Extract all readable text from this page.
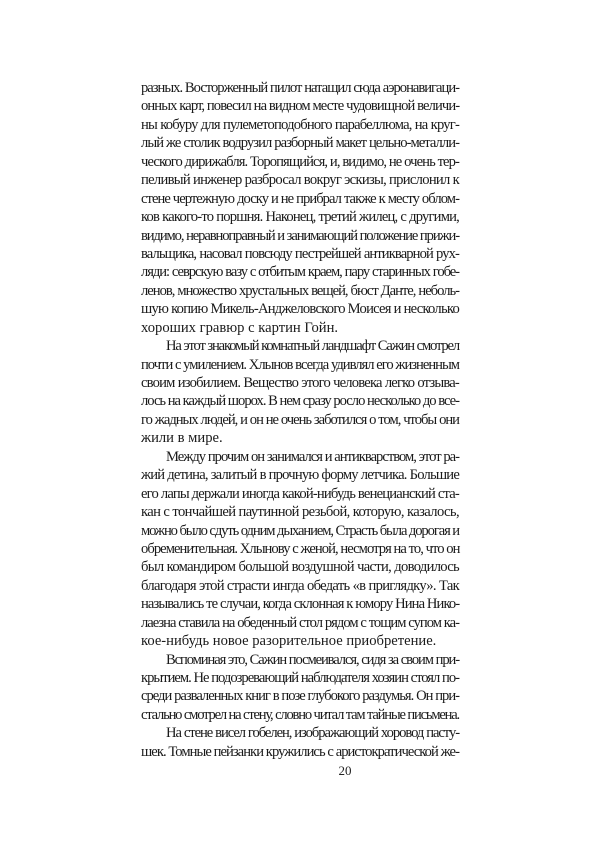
разных. Восторженный пилот натащил сюда аэронавигаци-
онных карт, повесил на видном месте чудовищной величи-
ны кобуру для пулеметоподобного парабеллюма, на круг-
лый же столик водрузил разборный макет цельно-металли-
ческого дирижабля. Торопящийся, и, видимо, не очень тер-
пеливый инженер разбросал вокруг эскизы, прислонил к
стене чертежную доску и не прибрал также к месту облом-
ков какого-то поршня. Наконец, третий жилец, с другими,
видимо, неравноправный и занимающий положение прижи-
вальщика, насовал повсюду пестрейшей антикварной рух-
ляди: севрскую вазу с отбитым краем, пару старинных гобе-
ленов, множество хрустальных вещей, бюст Данте, неболь-
шую копию Микель-Анджеловского Моисея и несколько
хороших гравюр с картин Гойн.
На этот знакомый комнатный ландшафт Сажин смотрел
почти с умилением. Хлынов всегда удивлял его жизненным
своим изобилием. Вещество этого человека легко отзыва-
лось на каждый шорох. В нем сразу росло несколько до все-
го жадных людей, и он не очень заботился о том, чтобы они
жили в мире.
Между прочим он занимался и антикварством, этот ра-
жий детина, залитый в прочную форму летчика. Большие
его лапы держали иногда какой-нибудь венецианский ста-
кан с тончайшей паутинной резьбой, которую, казалось,
можно было сдуть одним дыханием, Страсть была дорогая и
обременительная. Хлынову с женой, несмотря на то, что он
был командиром большой воздушной части, доводилось
благодаря этой страсти ингда обедать «в приглядку». Так
назывались те случаи, когда склонная к юмору Нина Нико-
лаезна ставила на обеденный стол рядом с тощим супом ка-
кое-нибудь новое разорительное приобретение.
Вспоминая это, Сажин посмеивался, сидя за своим при-
крытием. Не подозревающий наблюдателя хозяин стоял по-
среди разваленных книг в позе глубокого раздумья. Он при-
стально смотрел на стену, словно читал там тайные письмена.
На стене висел гобелен, изображающий хоровод пасту-
шек. Томные пейзанки кружились с аристократической же-
20
